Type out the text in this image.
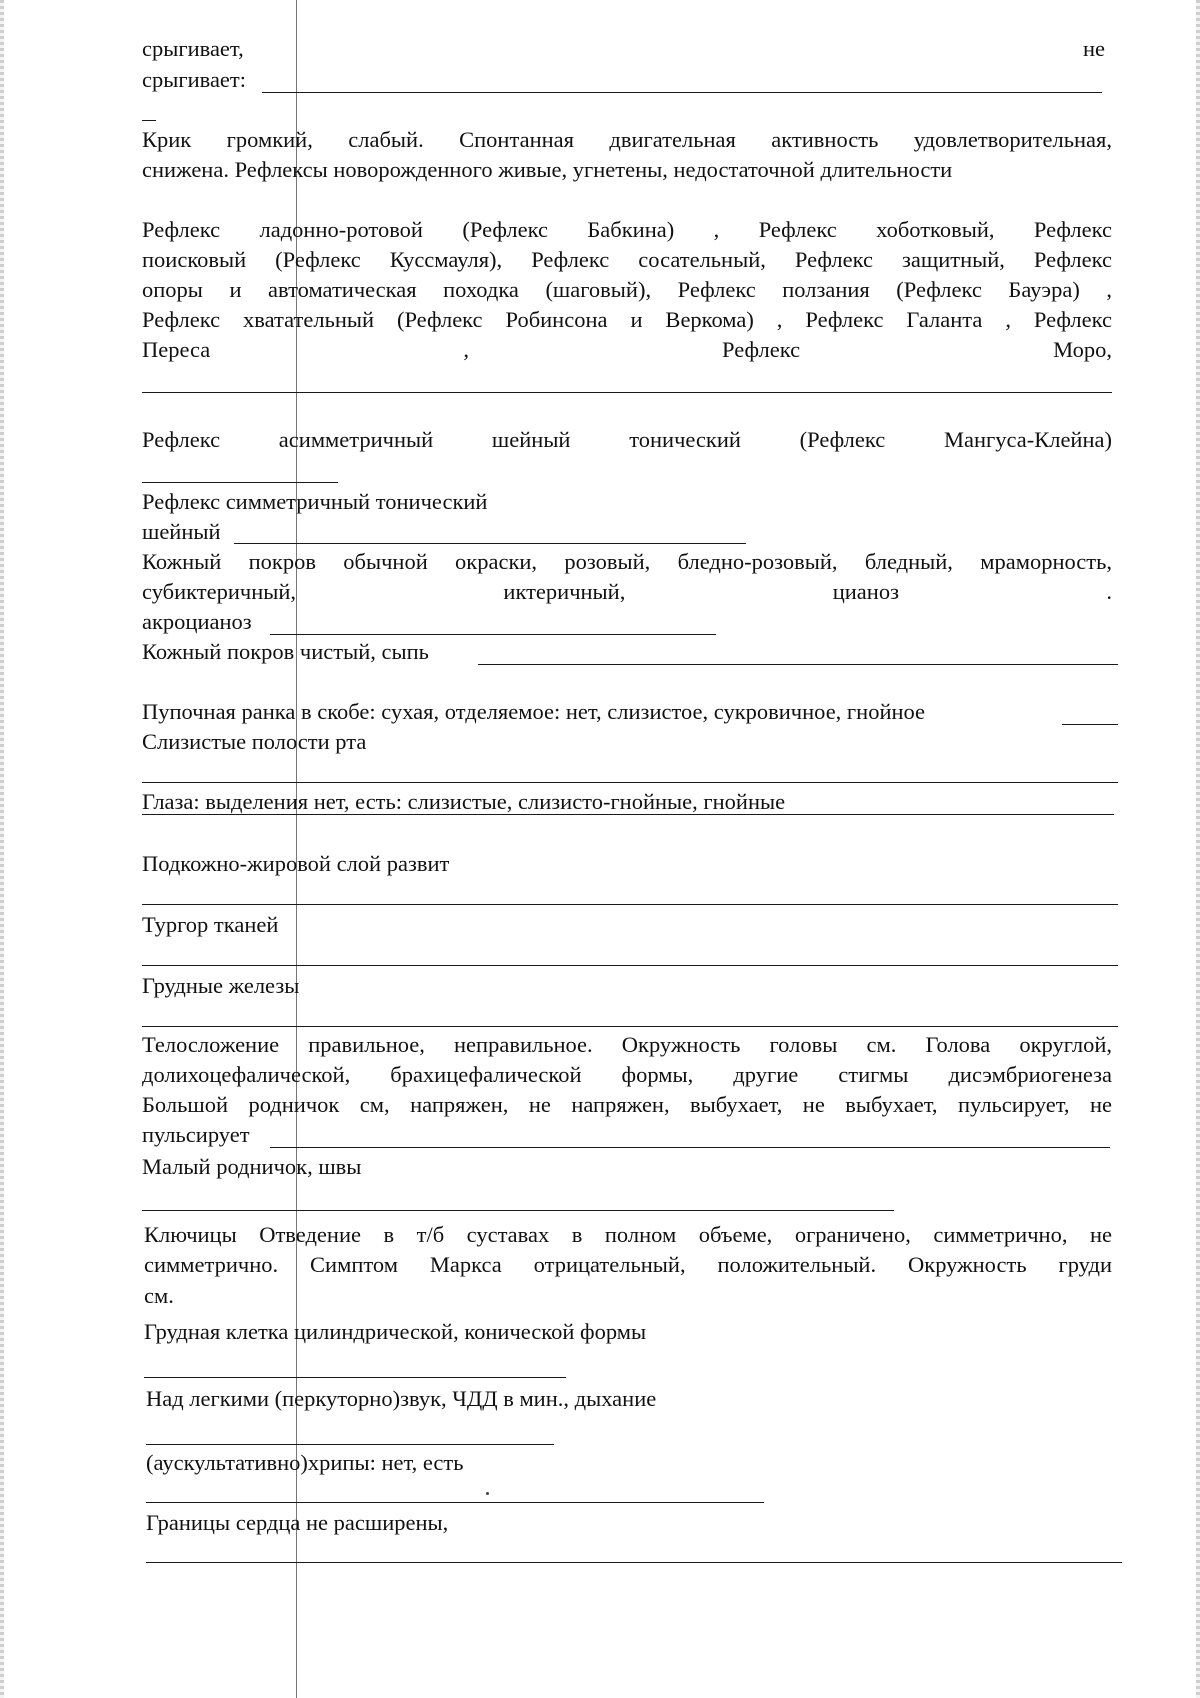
срыгивает,	не
срыгивает:
Крик громкий, слабый. Спонтанная двигательная активность удовлетворительная,
снижена. Рефлексы новорожденного живые, угнетены, недостаточной длительности
Рефлекс ладонно-ротовой (Рефлекс Бабкина) , Рефлекс хоботковый, Рефлекс
поисковый (Рефлекс Куссмауля), Рефлекс сосательный, Рефлекс защитный, Рефлекс
опоры и автоматическая походка (шаговый), Рефлекс ползания (Рефлекс Бауэра) ,
Рефлекс хватательный (Рефлекс Робинсона и Веркома) , Рефлекс Галанта , Рефлекс
Переса	,	Рефлекс	Моро,
Рефлекс асимметричный шейный тонический (Рефлекс Мангуса-Клейна)
Рефлекс симметричный тонический
шейный
Кожный покров обычной окраски, розовый, бледно-розовый, бледный, мраморность,
субиктеричный,	иктеричный,	цианоз	.
акроцианоз
Кожный покров чистый, сыпь
Пупочная ранка в скобе: сухая, отделяемое: нет, слизистое, сукровичное, гнойное
Слизистые полости рта
Глаза: выделения нет, есть: слизистые, слизисто-гнойные, гнойные
Подкожно-жировой слой развит
Тургор тканей
Грудные железы
Телосложение правильное, неправильное. Окружность головы см. Голова округлой,
долихоцефалической, брахицефалической формы, другие стигмы дисэмбриогенеза
Большой родничок см, напряжен, не напряжен, выбухает, не выбухает, пульсирует, не
пульсирует
Малый родничок, швы
Ключицы Отведение в т/б суставах в полном объеме, ограничено, симметрично, не
симметрично. Симптом Маркса отрицательный, положительный. Окружность груди
см.
Грудная клетка цилиндрической, конической формы
Над легкими (перкуторно)звук, ЧДД в мин., дыхание
(аускультативно)хрипы: нет, есть
Границы сердца не расширены,
